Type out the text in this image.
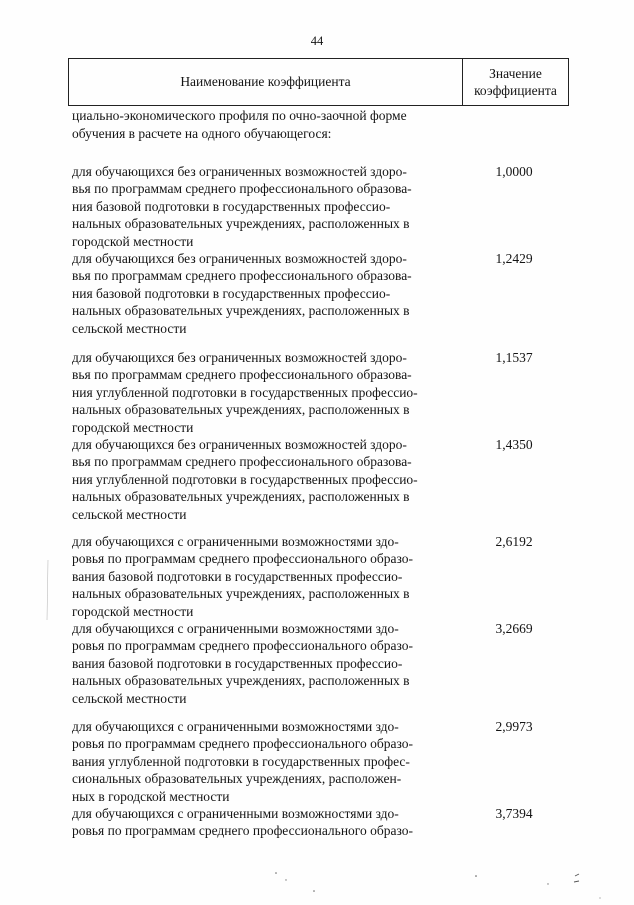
44
Наименование коэффициента
Значение
коэффициента
циально-экономического профиля по очно-заочной форме
обучения в расчете на одного обучающегося:
для обучающихся без ограниченных возможностей здоро-
вья по программам среднего профессионального образова-
ния базовой подготовки в государственных профессио-
нальных образовательных учреждениях, расположенных в
городской местности
1,0000
для обучающихся без ограниченных возможностей здоро-
вья по программам среднего профессионального образова-
ния базовой подготовки в государственных профессио-
нальных образовательных учреждениях, расположенных в
сельской местности
1,2429
для обучающихся без ограниченных возможностей здоро-
вья по программам среднего профессионального образова-
ния углубленной подготовки в государственных профессио-
нальных образовательных учреждениях, расположенных в
городской местности
1,1537
для обучающихся без ограниченных возможностей здоро-
вья по программам среднего профессионального образова-
ния углубленной подготовки в государственных профессио-
нальных образовательных учреждениях, расположенных в
сельской местности
1,4350
для обучающихся с ограниченными возможностями здо-
ровья по программам среднего профессионального образо-
вания базовой подготовки в государственных профессио-
нальных образовательных учреждениях, расположенных в
городской местности
2,6192
для обучающихся с ограниченными возможностями здо-
ровья по программам среднего профессионального образо-
вания базовой подготовки в государственных профессио-
нальных образовательных учреждениях, расположенных в
сельской местности
3,2669
для обучающихся с ограниченными возможностями здо-
ровья по программам среднего профессионального образо-
вания углубленной подготовки в государственных профес-
сиональных образовательных учреждениях, расположен-
ных в городской местности
2,9973
для обучающихся с ограниченными возможностями здо-
ровья по программам среднего профессионального образо-
3,7394
